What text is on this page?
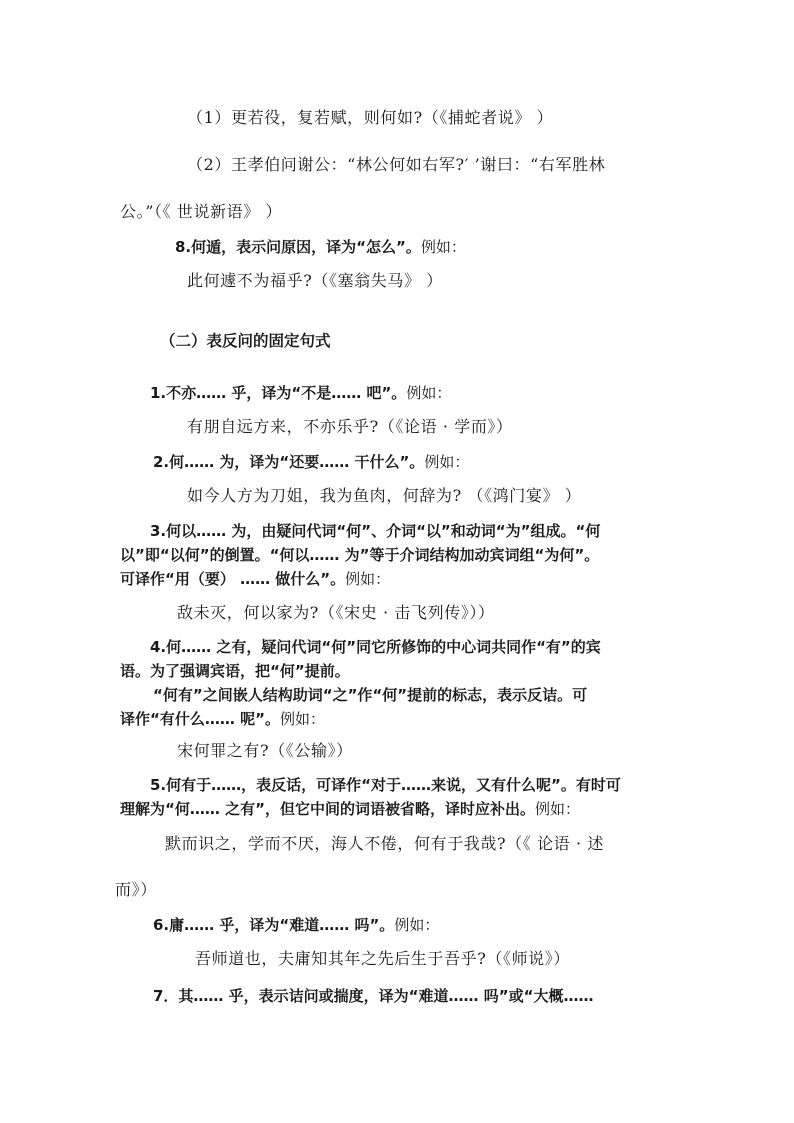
（1）更若役，复若赋，则何如?（《捕蛇者说》 ）
（2）王孝伯问谢公：“林公何如右军?′ ’谢曰：“右军胜林
公。”（《 世说新语》 ）
8.何遁，表示问原因，译为“怎么”。例如：
此何遽不为福乎?（《塞翁失马》 ）
（二）表反问的固定句式
1.不亦…… 乎，译为“不是…… 吧”。例如：
有朋自远方来，不亦乐乎?（《论语 · 学而》）
2.何…… 为，译为“还要…… 干什么”。例如：
如今人方为刀姐，我为鱼肉，何辞为? （《鸿门宴》 ）
3.何以…… 为，由疑问代词“何”、介词“以”和动词“为”组成。“何
以”即“以何”的倒置。“何以…… 为”等于介词结构加动宾词组“为何”。
可译作“用（要） …… 做什么”。例如：
敌未灭，何以家为?（《宋史 · 击飞列传》））
4.何…… 之有，疑问代词“何”同它所修饰的中心词共同作“有”的宾
语。为了强调宾语，把“何”提前。
“何有”之间嵌人结构助词“之”作“何”提前的标志，表示反诘。可
译作“有什么…… 呢”。例如：
宋何罪之有?（《公输》）
5.何有于……，表反话，可译作“对于……来说，又有什么呢”。有时可
理解为“何…… 之有”，但它中间的词语被省略，译时应补出。例如：
默而识之，学而不厌，海人不倦，何有于我哉?（《 论语 · 述
而》）
6.庸…… 乎，译为“难道…… 吗”。例如：
吾师道也，夫庸知其年之先后生于吾乎?（《师说》）
7．其…… 乎，表示诘问或揣度，译为“难道…… 吗”或“大概……
